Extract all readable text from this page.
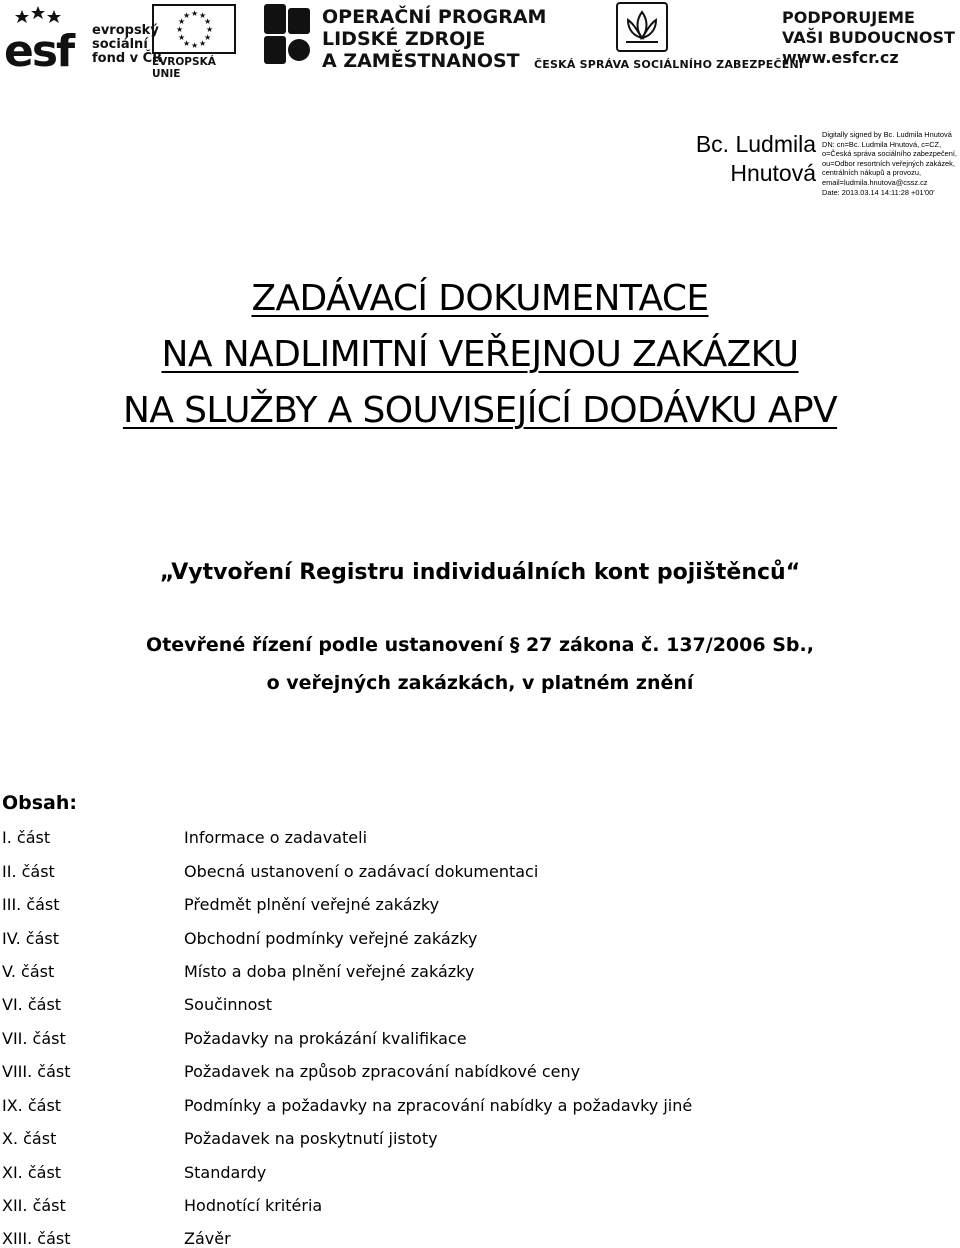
esf evropský
sociální
fond v ČR
★ ★
★
★
★
★
★
★
★
★
★
★
EVROPSKÁ UNIE
OPERAČNÍ PROGRAM
LIDSKÉ ZDROJE
A ZAMĚSTNANOST	ČESKÁ SPRÁVA SOCIÁLNÍHO ZABEZPEČENÍ
PODPORUJEME
VAŠI BUDOUCNOST
www.esfcr.cz
Bc. Ludmila
Hnutová
Digitally signed by Bc. Ludmila Hnutová
DN: cn=Bc. Ludmila Hnutová, c=CZ,
o=Česká správa sociálního zabezpečení,
ou=Odbor resortních veřejných zakázek,
centrálních nákupů a provozu,
email=ludmila.hnutova@cssz.cz
Date: 2013.03.14 14:11:28 +01'00'
ZADÁVACÍ DOKUMENTACE
NA NADLIMITNÍ VEŘEJNOU ZAKÁZKU
NA SLUŽBY A SOUVISEJÍCÍ DODÁVKU APV
„Vytvoření Registru individuálních kont pojištěnců“
Otevřené řízení podle ustanovení § 27 zákona č. 137/2006 Sb.,
o veřejných zakázkách, v platném znění
Obsah:
I. část	Informace o zadavateli
II. část	Obecná ustanovení o zadávací dokumentaci
III. část	Předmět plnění veřejné zakázky
IV. část	Obchodní podmínky veřejné zakázky
V. část	Místo a doba plnění veřejné zakázky
VI. část	Součinnost
VII. část	Požadavky na prokázání kvalifikace
VIII. část	Požadavek na způsob zpracování nabídkové ceny
IX. část	Podmínky a požadavky na zpracování nabídky a požadavky jiné
X. část	Požadavek na poskytnutí jistoty
XI. část	Standardy
XII. část	Hodnotící kritéria
XIII. část	Závěr
